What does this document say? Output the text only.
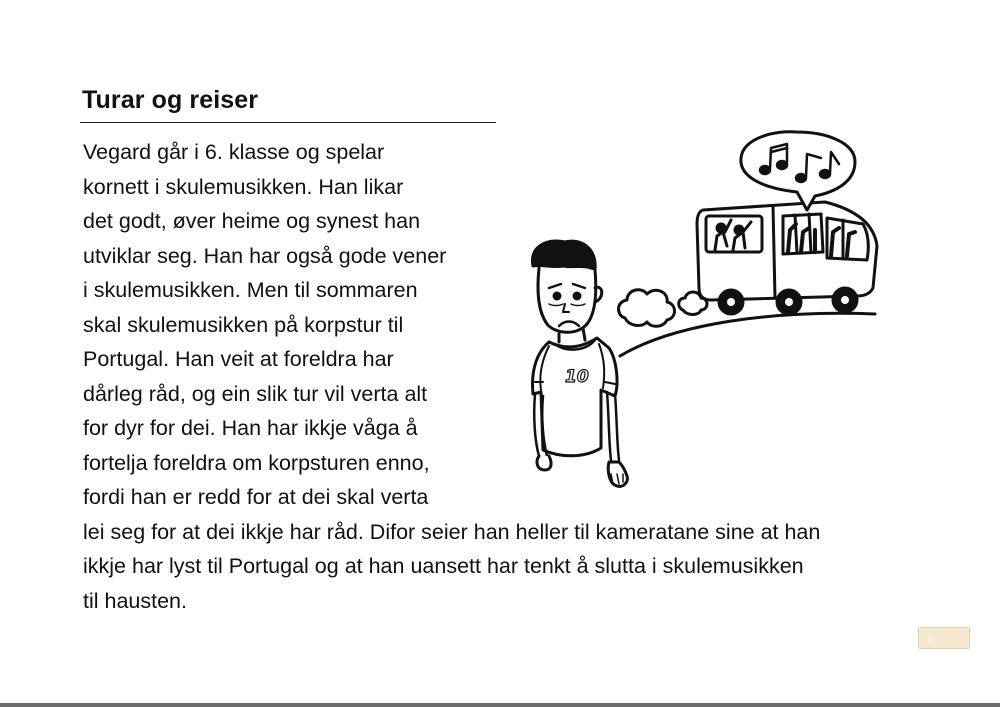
Turar og reiser
Vegard går i 6. klasse og spelar
kornett i skulemusikken. Han likar
det godt, øver heime og synest han
utviklar seg. Han har også gode vener
i skulemusikken. Men til sommaren
skal skulemusikken på korpstur til
Portugal. Han veit at foreldra har
dårleg råd, og ein slik tur vil verta alt
for dyr for dei. Han har ikkje våga å
fortelja foreldra om korpsturen enno,
fordi han er redd for at dei skal verta
lei seg for at dei ikkje har råd. Difor seier han heller til kameratane sine at han
ikkje har lyst til Portugal og at han uansett har tenkt å slutta i skulemusikken
til hausten.
10
2
